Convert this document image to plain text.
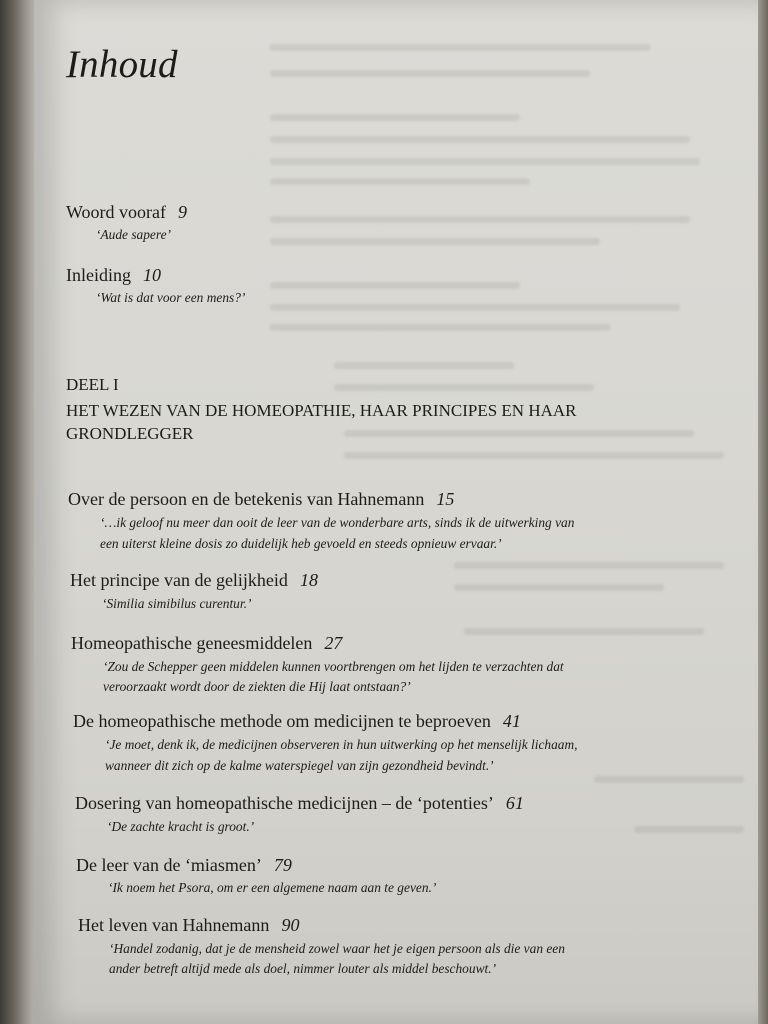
Inhoud
Woord vooraf 9
‘Aude sapere’
Inleiding 10
‘Wat is dat voor een mens?’
DEEL I
HET WEZEN VAN DE HOMEOPATHIE, HAAR PRINCIPES EN HAAR GRONDLEGGER
Over de persoon en de betekenis van Hahnemann 15
‘…ik geloof nu meer dan ooit de leer van de wonderbare arts, sinds ik de uitwerking van
een uiterst kleine dosis zo duidelijk heb gevoeld en steeds opnieuw ervaar.’
Het principe van de gelijkheid 18
‘Similia simibilus curentur.’
Homeopathische geneesmiddelen 27
‘Zou de Schepper geen middelen kunnen voortbrengen om het lijden te verzachten dat
veroorzaakt wordt door de ziekten die Hij laat ontstaan?’
De homeopathische methode om medicijnen te beproeven 41
‘Je moet, denk ik, de medicijnen observeren in hun uitwerking op het menselijk lichaam,
wanneer dit zich op de kalme waterspiegel van zijn gezondheid bevindt.’
Dosering van homeopathische medicijnen – de ‘potenties’ 61
‘De zachte kracht is groot.’
De leer van de ‘miasmen’ 79
‘Ik noem het Psora, om er een algemene naam aan te geven.’
Het leven van Hahnemann 90
‘Handel zodanig, dat je de mensheid zowel waar het je eigen persoon als die van een
ander betreft altijd mede als doel, nimmer louter als middel beschouwt.’
